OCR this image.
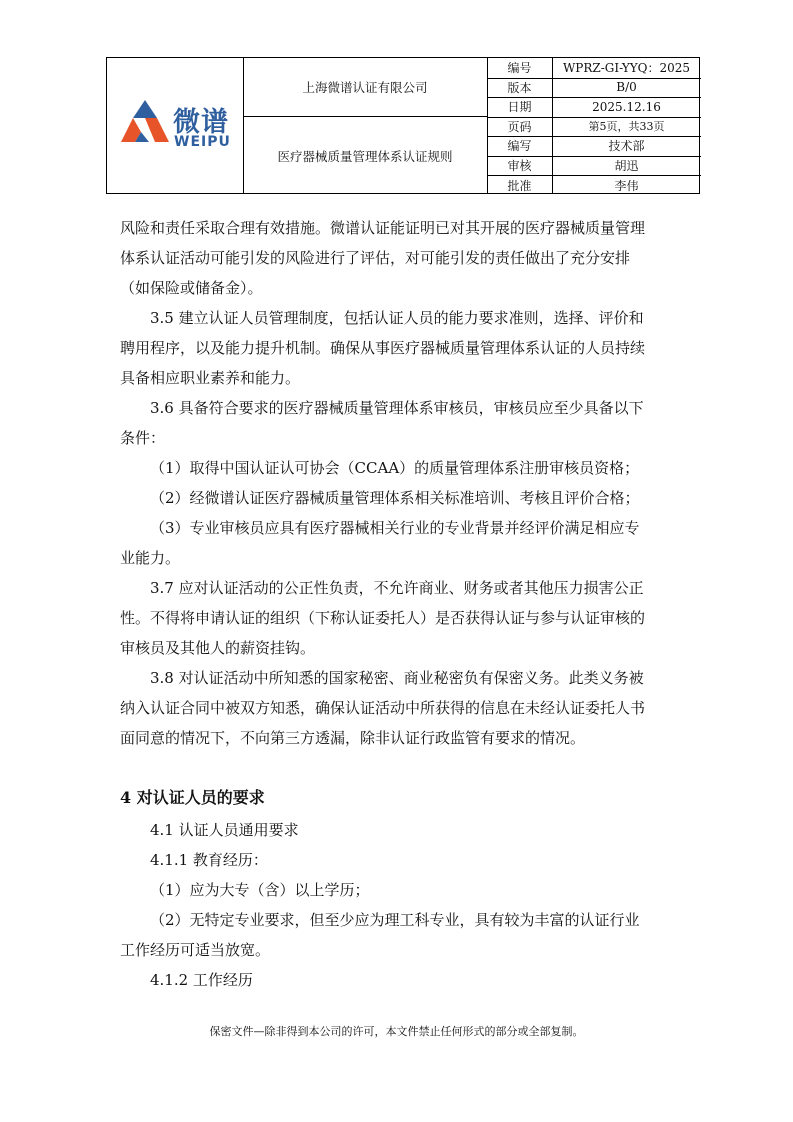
微谱
WEIPU
上海微谱认证有限公司
医疗器械质量管理体系认证规则
编号	WPRZ-GI-YYQ：2025
版本	B/0
日期	2025.12.16
页码	第5页，共33页
编写	技术部
审核	胡迅
批准	李伟
风险和责任采取合理有效措施。微谱认证能证明已对其开展的医疗器械质量管理
体系认证活动可能引发的风险进行了评估，对可能引发的责任做出了充分安排
（如保险或储备金）。
3.5 建立认证人员管理制度，包括认证人员的能力要求准则，选择、评价和
聘用程序，以及能力提升机制。确保从事医疗器械质量管理体系认证的人员持续
具备相应职业素养和能力。
3.6 具备符合要求的医疗器械质量管理体系审核员，审核员应至少具备以下
条件：
（1）取得中国认证认可协会（CCAA）的质量管理体系注册审核员资格；
（2）经微谱认证医疗器械质量管理体系相关标准培训、考核且评价合格；
（3）专业审核员应具有医疗器械相关行业的专业背景并经评价满足相应专
业能力。
3.7 应对认证活动的公正性负责，不允许商业、财务或者其他压力损害公正
性。不得将申请认证的组织（下称认证委托人）是否获得认证与参与认证审核的
审核员及其他人的薪资挂钩。
3.8 对认证活动中所知悉的国家秘密、商业秘密负有保密义务。此类义务被
纳入认证合同中被双方知悉，确保认证活动中所获得的信息在未经认证委托人书
面同意的情况下，不向第三方透漏，除非认证行政监管有要求的情况。
4 对认证人员的要求
4.1 认证人员通用要求
4.1.1 教育经历：
（1）应为大专（含）以上学历；
（2）无特定专业要求，但至少应为理工科专业，具有较为丰富的认证行业
工作经历可适当放宽。
4.1.2 工作经历
保密文件—除非得到本公司的许可，本文件禁止任何形式的部分或全部复制。
